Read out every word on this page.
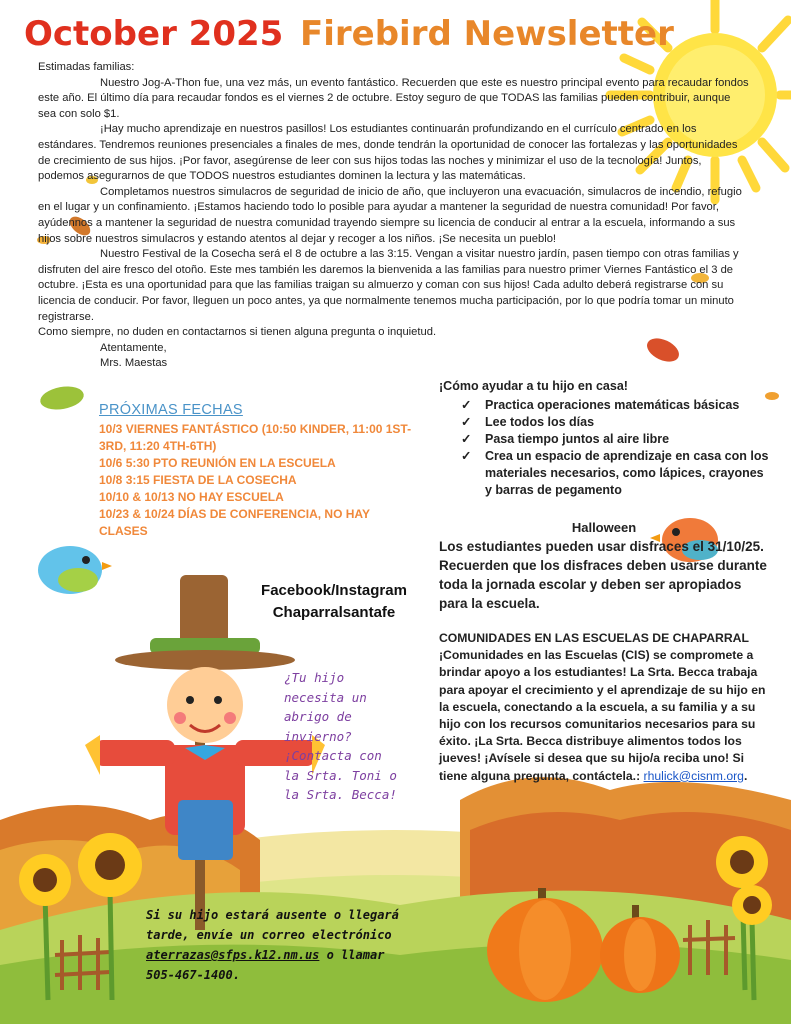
October 2025 Firebird Newsletter

Estimadas familias:

Nuestro Jog-A-Thon fue, una vez más, un evento fantástico. Recuerden que este es nuestro principal evento para recaudar fondos este año. El último día para recaudar fondos es el viernes 2 de octubre. Estoy seguro de que TODAS las familias pueden contribuir, aunque sea con solo $1.

¡Hay mucho aprendizaje en nuestros pasillos! Los estudiantes continuarán profundizando en el currículo centrado en los estándares. Tendremos reuniones presenciales a finales de mes, donde tendrán la oportunidad de conocer las fortalezas y las oportunidades de crecimiento de sus hijos. ¡Por favor, asegúrense de leer con sus hijos todas las noches y minimizar el uso de la tecnología! Juntos, podemos asegurarnos de que TODOS nuestros estudiantes dominen la lectura y las matemáticas.

Completamos nuestros simulacros de seguridad de inicio de año, que incluyeron una evacuación, simulacros de incendio, refugio en el lugar y un confinamiento. ¡Estamos haciendo todo lo posible para ayudar a mantener la seguridad de nuestra comunidad! Por favor, ayúdennos a mantener la seguridad de nuestra comunidad trayendo siempre su licencia de conducir al entrar a la escuela, informando a sus hijos sobre nuestros simulacros y estando atentos al dejar y recoger a los niños. ¡Se necesita un pueblo!

Nuestro Festival de la Cosecha será el 8 de octubre a las 3:15. Vengan a visitar nuestro jardín, pasen tiempo con otras familias y disfruten del aire fresco del otoño. Este mes también les daremos la bienvenida a las familias para nuestro primer Viernes Fantástico el 3 de octubre. ¡Esta es una oportunidad para que las familias traigan su almuerzo y coman con sus hijos! Cada adulto deberá registrarse con su licencia de conducir. Por favor, lleguen un poco antes, ya que normalmente tenemos mucha participación, por lo que podría tomar un minuto registrarse.

Como siempre, no duden en contactarnos si tienen alguna pregunta o inquietud.

Atentamente,

Mrs. Maestas

PRÓXIMAS FECHAS
10/3 VIERNES FANTÁSTICO (10:50 KINDER, 11:00 1ST-3RD, 11:20 4TH-6TH)
10/6 5:30 PTO REUNIÓN EN LA ESCUELA
10/8 3:15 FIESTA DE LA COSECHA
10/10 & 10/13 NO HAY ESCUELA
10/23 & 10/24 DÍAS DE CONFERENCIA, NO HAY CLASES
Facebook/Instagram
Chaparralsantafe
¿Tu hijo necesita un abrigo de invierno? ¡Contacta con la Srta. Toni o la Srta. Becca!
¡Cómo ayudar a tu hijo en casa!
✓ Practica operaciones matemáticas básicas
✓ Lee todos los días
✓ Pasa tiempo juntos al aire libre
✓ Crea un espacio de aprendizaje en casa con los materiales necesarios, como lápices, crayones y barras de pegamento
Halloween
Los estudiantes pueden usar disfraces el 31/10/25. Recuerden que los disfraces deben usarse durante toda la jornada escolar y deben ser apropiados para la escuela.
COMUNIDADES EN LAS ESCUELAS DE CHAPARRAL
¡Comunidades en las Escuelas (CIS) se compromete a brindar apoyo a los estudiantes! La Srta. Becca trabaja para apoyar el crecimiento y el aprendizaje de su hijo en la escuela, conectando a la escuela, a su familia y a su hijo con los recursos comunitarios necesarios para su éxito. ¡La Srta. Becca distribuye alimentos todos los jueves! ¡Avísele si desea que su hijo/a reciba uno! Si tiene alguna pregunta, contáctela.: rhulick@cisnm.org.
Si su hijo estará ausente o llegará tarde, envíe un correo electrónico aterrazas@sfps.k12.nm.us o llamar 505-467-1400.
